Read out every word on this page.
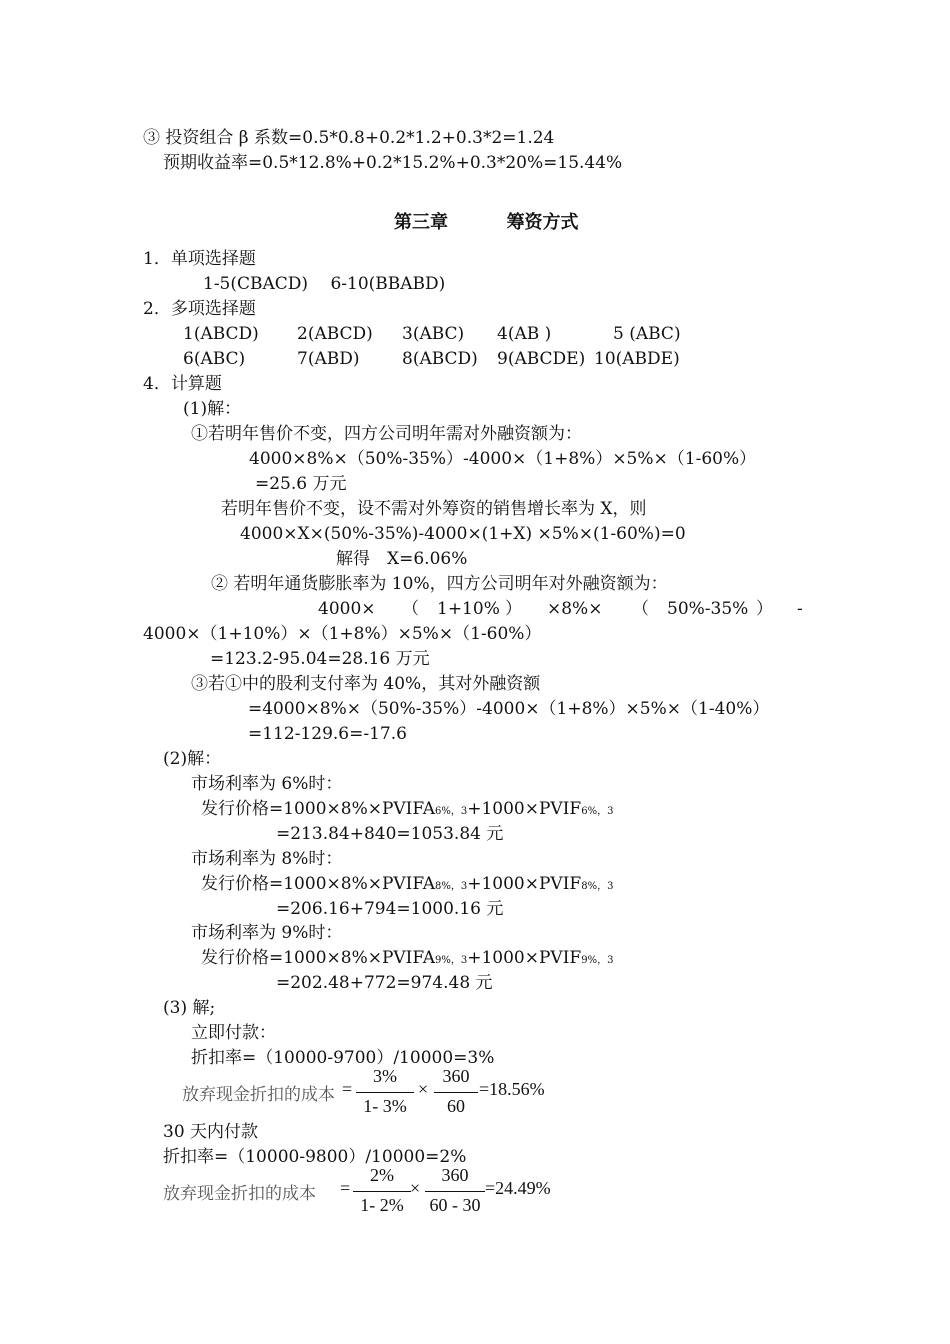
③ 投资组合 β 系数=0.5*0.8+0.2*1.2+0.3*2=1.24
预期收益率=0.5*12.8%+0.2*15.2%+0.3*20%=15.44%
第三章	筹资方式
1．单项选择题
1-5(CBACD)　 6-10(BBABD)
2．多项选择题
1(ABCD) 2(ABCD) 3(ABC) 4(AB )	5 (ABC)
6(ABC)	7(ABD)	8(ABCD) 9(ABCDE) 10(ABDE)
4．计算题
(1)解：
①若明年售价不变，四方公司明年需对外融资额为：
4000×8%×（50%-35%）-4000×（1+8%）×5%×（1-60%）
=25.6 万元
若明年售价不变，设不需对外筹资的销售增长率为 X，则
4000×X×(50%-35%)-4000×(1+X) ×5%×(1-60%)=0
解得　X=6.06%
② 若明年通货膨胀率为 10%，四方公司明年对外融资额为：
4000× （ 1+10% ） ×8%× （ 50%-35% ） -
4000×（1+10%）×（1+8%）×5%×（1-60%）
=123.2-95.04=28.16 万元
③若①中的股利支付率为 40%，其对外融资额
=4000×8%×（50%-35%）-4000×（1+8%）×5%×（1-40%）
=112-129.6=-17.6
(2)解：
市场利率为 6%时：
发行价格=1000×8%×PVIFA6%，3+1000×PVIF6%，3
=213.84+840=1053.84 元
市场利率为 8%时：
发行价格=1000×8%×PVIFA8%，3+1000×PVIF8%，3
=206.16+794=1000.16 元
市场利率为 9%时：
发行价格=1000×8%×PVIFA9%，3+1000×PVIF9%，3
=202.48+772=974.48 元
(3) 解;
立即付款：
折扣率=（10000-9700）/10000=3%
放弃现金折扣的成本 =
3%
1- 3%
×
360
60
=18.56%
30 天内付款
折扣率=（10000-9800）/10000=2%
放弃现金折扣的成本 =
2%
1- 2%
×
360
60 - 30
=24.49%
